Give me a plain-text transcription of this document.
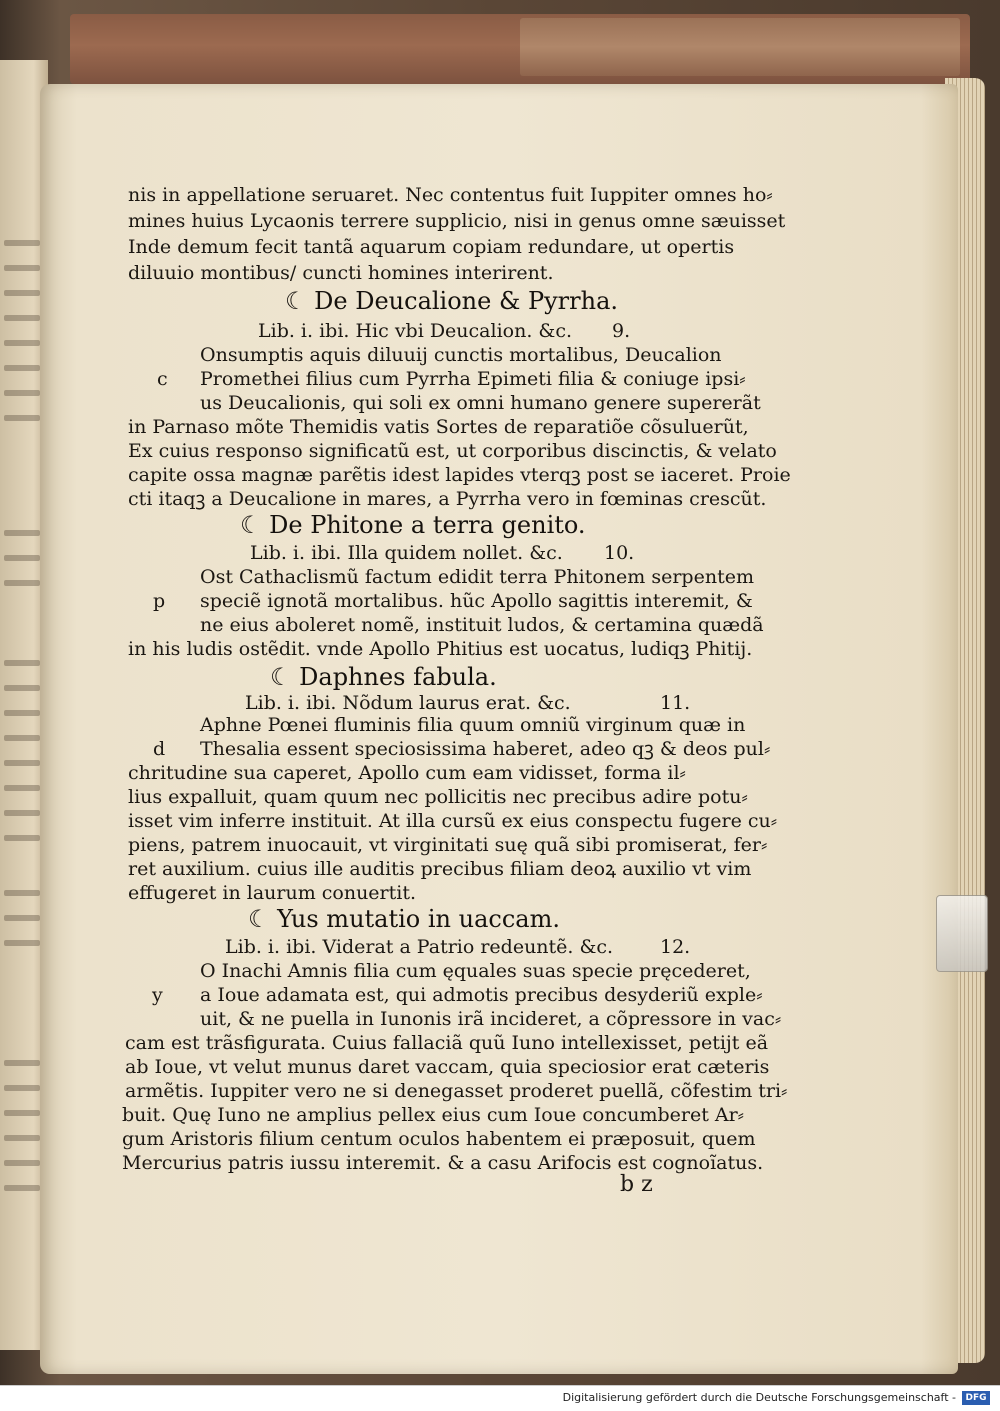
nis in appellatione seruaret. Nec contentus fuit Iuppiter omnes ho⸗
mines huius Lycaonis terrere supplicio, nisi in genus omne sæuisset
Inde demum fecit tantã aquarum copiam redundare, ut opertis
diluuio montibus/ cuncti homines interirent.
☾ De Deucalione & Pyrrha.
Lib. i. ibi. Hic vbi Deucalion. &c. 9.
Onsumptis aquis diluuij cunctis mortalibus, Deucalion
c Promethei filius cum Pyrrha Epimeti filia & coniuge ipsi⸗
us Deucalionis, qui soli ex omni humano genere supererãt
in Parnaso mõte Themidis vatis Sortes de reparatiõe cõsuluerũt,
Ex cuius responso significatũ est, ut corporibus discinctis, & velato
capite ossa magnæ parẽtis idest lapides vterqꝫ post se iaceret. Proie
cti itaqꝫ a Deucalione in mares, a Pyrrha vero in fœminas crescũt.
☾ De Phitone a terra genito.
Lib. i. ibi. Illa quidem nollet. &c. 10.
Ost Cathaclismũ factum edidit terra Phitonem serpentem
p speciẽ ignotã mortalibus. hũc Apollo sagittis interemit, &
ne eius aboleret nomẽ, instituit ludos, & certamina quædã
in his ludis ostẽdit. vnde Apollo Phitius est uocatus, ludiqꝫ Phitij.
☾ Daphnes fabula.
Lib. i. ibi. Nõdum laurus erat. &c.	11.
Aphne Pœnei fluminis filia quum omniũ virginum quæ in
d Thesalia essent speciosissima haberet, adeo qꝫ & deos pul⸗
chritudine sua caperet, Apollo cum eam vidisset, forma il⸗
lius expalluit, quam quum nec pollicitis nec precibus adire potu⸗
isset vim inferre instituit. At illa cursũ ex eius conspectu fugere cu⸗
piens, patrem inuocauit, vt virginitati suę quã sibi promiserat, fer⸗
ret auxilium. cuius ille auditis precibus filiam deoꝝ auxilio vt vim
effugeret in laurum conuertit.
☾ Yus mutatio in uaccam.
Lib. i. ibi. Viderat a Patrio redeuntẽ. &c. 12.
O Inachi Amnis filia cum ęquales suas specie pręcederet,
y a Ioue adamata est, qui admotis precibus desyderiũ exple⸗
uit, & ne puella in Iunonis irã incideret, a cõpressore in vac⸗
cam est trãsfigurata. Cuius fallaciã quũ Iuno intellexisset, petijt eã
ab Ioue, vt velut munus daret vaccam, quia speciosior erat cæteris
armẽtis. Iuppiter vero ne si denegasset proderet puellã, cõfestim tri⸗
buit. Quę Iuno ne amplius pellex eius cum Ioue concumberet Ar⸗
gum Aristoris filium centum oculos habentem ei præposuit, quem
Mercurius patris iussu interemit. & a casu Arifocis est cognoĩatus.
b z
Digitalisierung gefördert durch die Deutsche Forschungsgemeinschaft -	DFG
